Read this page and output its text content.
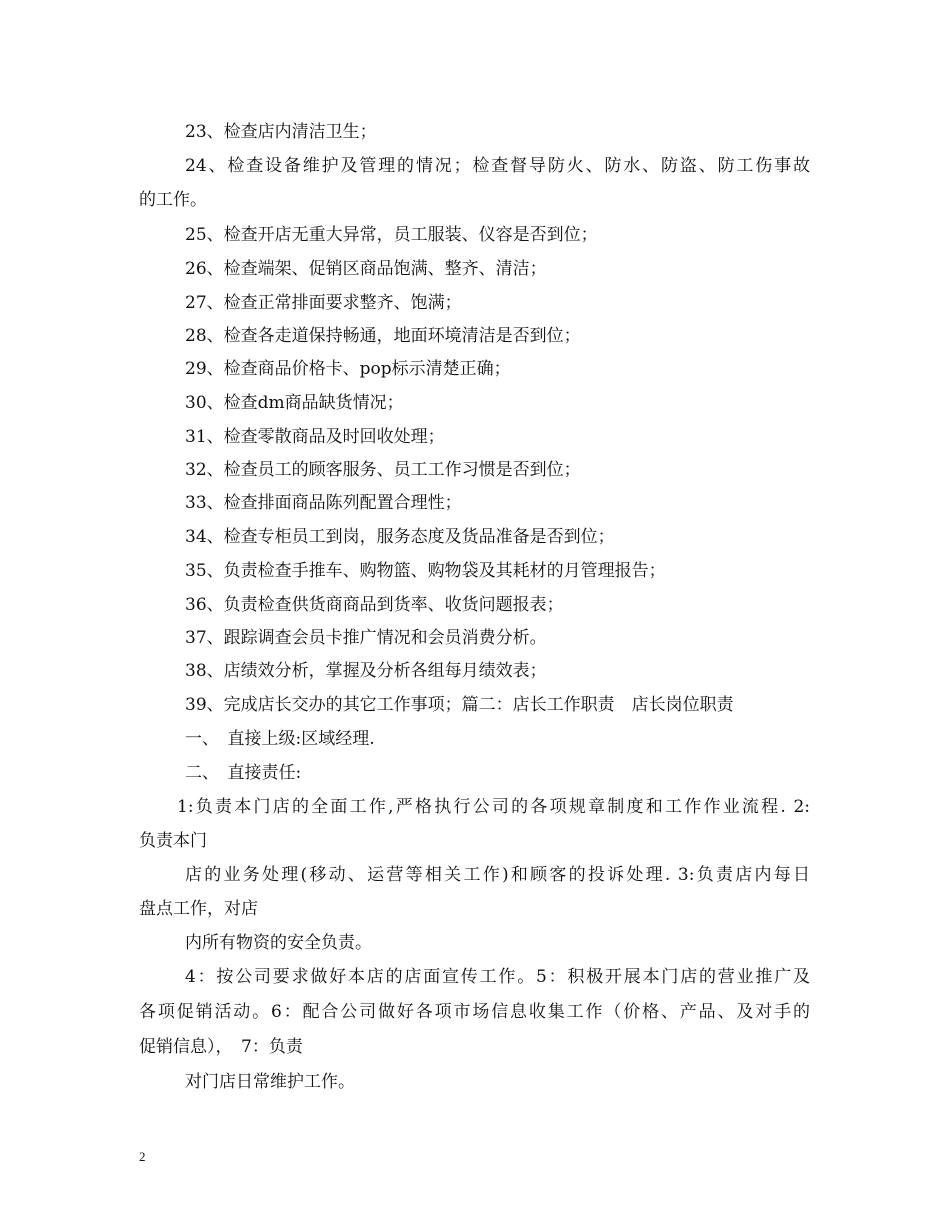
23、检查店内清洁卫生；
24、检查设备维护及管理的情况；检查督导防火、防水、防盗、防工伤事故
的工作。
25、检查开店无重大异常，员工服装、仪容是否到位；
26、检查端架、促销区商品饱满、整齐、清洁；
27、检查正常排面要求整齐、饱满；
28、检查各走道保持畅通，地面环境清洁是否到位；
29、检查商品价格卡、pop标示清楚正确；
30、检查dm商品缺货情况；
31、检查零散商品及时回收处理；
32、检查员工的顾客服务、员工工作习惯是否到位；
33、检查排面商品陈列配置合理性；
34、检查专柜员工到岗，服务态度及货品准备是否到位；
35、负责检查手推车、购物篮、购物袋及其耗材的月管理报告；
36、负责检查供货商商品到货率、收货问题报表；
37、跟踪调查会员卡推广情况和会员消费分析。
38、店绩效分析，掌握及分析各组每月绩效表；
39、完成店长交办的其它工作事项；篇二：店长工作职责　店长岗位职责
一、　直接上级:区域经理.
二、　直接责任:
1:负责本门店的全面工作,严格执行公司的各项规章制度和工作作业流程. 2:
负责本门
店的业务处理(移动、运营等相关工作)和顾客的投诉处理. 3:负责店内每日
盘点工作，对店
内所有物资的安全负责。
4：按公司要求做好本店的店面宣传工作。5：积极开展本门店的营业推广及
各项促销活动。6：配合公司做好各项市场信息收集工作（价格、产品、及对手的
促销信息），　7：负责
对门店日常维护工作。
2
